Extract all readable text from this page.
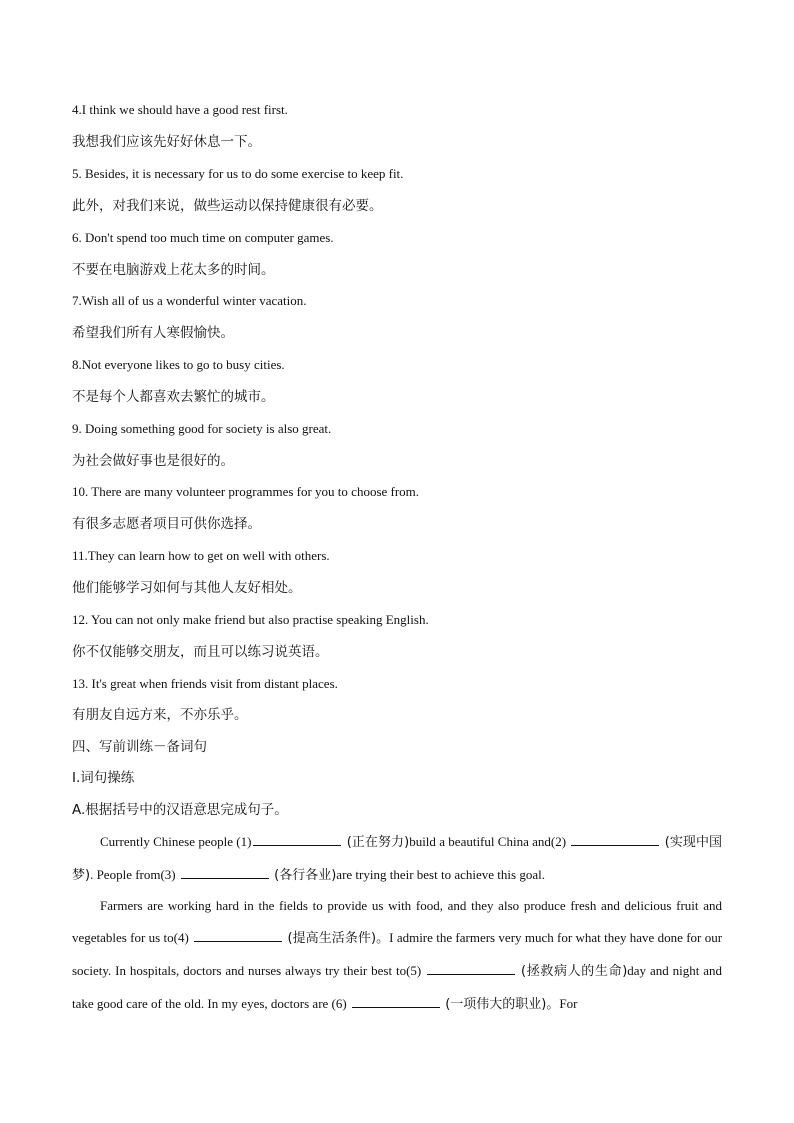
4.I think we should have a good rest first.
我想我们应该先好好休息一下。
5. Besides, it is necessary for us to do some exercise to keep fit.
此外，对我们来说，做些运动以保持健康很有必要。
6. Don't spend too much time on computer games.
不要在电脑游戏上花太多的时间。
7.Wish all of us a wonderful winter vacation.
希望我们所有人寒假愉快。
8.Not everyone likes to go to busy cities.
不是每个人都喜欢去繁忙的城市。
9. Doing something good for society is also great.
为社会做好事也是很好的。
10. There are many volunteer programmes for you to choose from.
有很多志愿者项目可供你选择。
11.They can learn how to get on well with others.
他们能够学习如何与其他人友好相处。
12. You can not only make friend but also practise speaking English.
你不仅能够交朋友，而且可以练习说英语。
13. It's great when friends visit from distant places.
有朋友自远方来，不亦乐乎。
四、写前训练－备词句
I.词句操练
A.根据括号中的汉语意思完成句子。
Currently Chinese people (1)	(正在努力)build a beautiful China and(2)	(实现中国梦). People from(3)	(各行各业)are trying their best to achieve this goal.
Farmers are working hard in the fields to provide us with food, and they also produce fresh and delicious fruit and vegetables for us to(4)	(提高生活条件)。I admire the farmers very much for what they have done for our society. In hospitals, doctors and nurses always try their best to(5)	(拯救病人的生命)day and night and take good care of the old. In my eyes, doctors are (6)	(一项伟大的职业)。For
